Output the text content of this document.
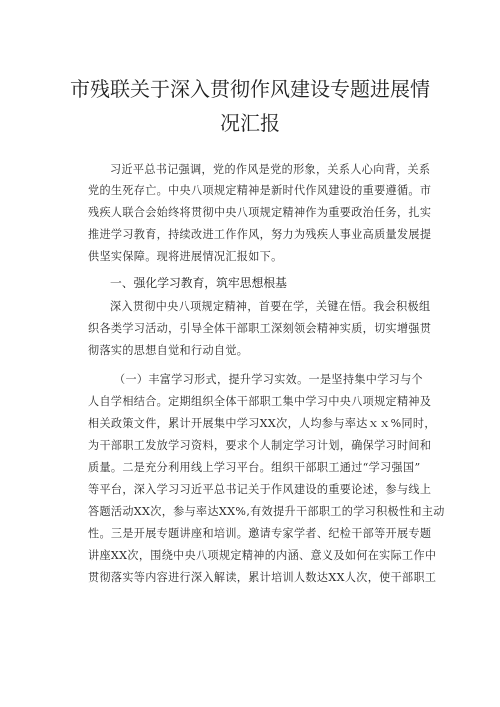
市残联关于深入贯彻作风建设专题进展情
况汇报
习近平总书记强调，党的作风是党的形象，关系人心向背，关系
党的生死存亡。中央八项规定精神是新时代作风建设的重要遵循。市
残疾人联合会始终将贯彻中央八项规定精神作为重要政治任务，扎实
推进学习教育，持续改进工作作风，努力为残疾人事业高质量发展提
供坚实保障。现将进展情况汇报如下。
一、强化学习教育，筑牢思想根基
深入贯彻中央八项规定精神，首要在学，关键在悟。我会积极组
织各类学习活动，引导全体干部职工深刻领会精神实质，切实增强贯
彻落实的思想自觉和行动自觉。
（一）丰富学习形式，提升学习实效。一是坚持集中学习与个
人自学相结合。定期组织全体干部职工集中学习中央八项规定精神及
相关政策文件，累计开展集中学习XX次，人均参与率达ｘｘ%同时，
为干部职工发放学习资料，要求个人制定学习计划，确保学习时间和
质量。二是充分利用线上学习平台。组织干部职工通过“学习强国”
等平台，深入学习习近平总书记关于作风建设的重要论述，参与线上
答题活动XX次，参与率达XX%,有效提升干部职工的学习积极性和主动
性。三是开展专题讲座和培训。邀请专家学者、纪检干部等开展专题
讲座XX次，围绕中央八项规定精神的内涵、意义及如何在实际工作中
贯彻落实等内容进行深入解读，累计培训人数达XX人次，使干部职工
